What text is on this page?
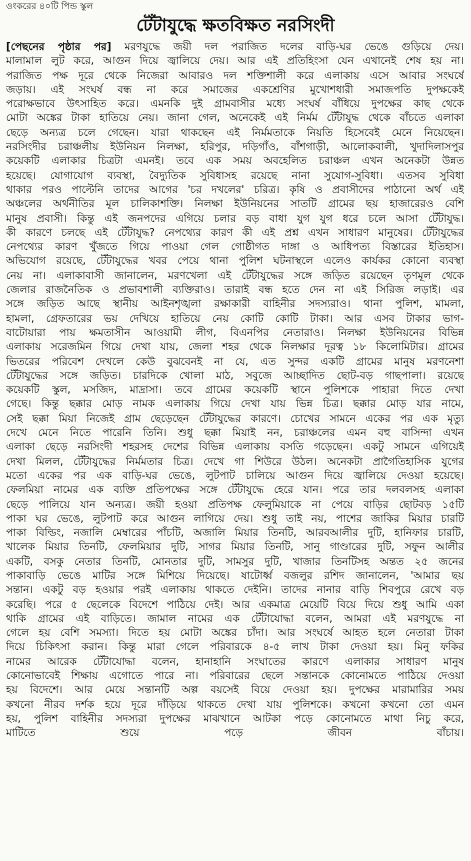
ওংকরের ৪০টি পিন্ড স্কুল
টেঁটাযুদ্ধে ক্ষতবিক্ষত নরসিংদী
[পেছনের পৃষ্ঠার পর] মরণযুদ্ধে জয়ী দল পরাজিত দলের বাড়ি-ঘর ভেঙে গুড়িয়ে দেয়।
মালামাল লুট করে, আগুন দিয়ে জ্বালিয়ে দেয়। আর এই প্রতিহিংসা যেন এখানেই শেষ হয় না।
পরাজিত পক্ষ দূরে থেকে নিজেরা আবারও দল শক্তিশালী করে এলাকায় এসে আবার সংঘর্ষে
জড়ায়। এই সংঘর্ষ বন্ধ না করে সমাজের একশ্রেণির মুখোশধারী সমাজপতি দুপক্ষকেই
পরোক্ষভাবে উৎসাহিত করে। এমনকি দুই গ্রামবাসীর মধ্যে সংঘর্ষ বাঁধিয়ে দুপক্ষের কাছ থেকে
মোটা অঙ্কের টাকা হাতিয়ে নেয়। জানা গেল, অনেকেই এই নির্মম টেঁটাযুদ্ধ থেকে বাঁচতে এলাকা
ছেড়ে অন্যত্র চলে গেছেন। যারা থাকছেন এই নির্মমতাকে নিয়তি হিসেবেই মেনে নিয়েছেন।
নরসিংদীর চরাঞ্চলীয় ইউনিয়ন নিলক্ষা, হরিপুর, দড়িগাঁও, বাঁশগাড়ী, আলোকবালী, খুদাদিলাসপুর
কয়েকটি এলাকার চিত্রটা এমনই। তবে এক সময় অবহেলিত চরাঞ্চল এখন অনেকটা উন্নত
হয়েছে। যোগাযোগ ব্যবস্থা, বৈদ্যুতিক সুবিধাসহ রয়েছে নানা সুযোগ-সুবিধা। এতসব সুবিধা
থাকার পরও পাল্টেনি তাদের আগের 'চর দখলের' চরিত্র। কৃষি ও প্রবাসীদের পাঠানো অর্থ এই
অঞ্চলের অর্থনীতির মূল চালিকাশক্তি। নিলক্ষা ইউনিয়নের সাতটি গ্রামের ছয় হাজারেরও বেশি
মানুষ প্রবাসী। কিন্তু এই জনপদের এগিয়ে চলার বড় বাধা যুগ যুগ ধরে চলে আসা টেঁটাযুদ্ধ।
কী কারণে চলছে এই টেঁটাযুদ্ধ? নেপথ্যের কারণ কী এই প্রশ্ন এখন সাধারণ মানুষের। টেঁটাযুদ্ধের
নেপথ্যের কারণ খুঁজতে গিয়ে পাওয়া গেল গোষ্ঠীগত দাঙ্গা ও আধিপত্য বিস্তারের ইতিহাস।
অভিযোগ রয়েছে, টেঁটাযুদ্ধের খবর পেয়ে থানা পুলিশ ঘটনাস্থলে এলেও কার্যকর কোনো ব্যবস্থা
নেয় না। এলাকাবাসী জানালেন, মরণখেলা এই টেঁটাযুদ্ধের সঙ্গে জড়িত রয়েছেন তৃণমূল থেকে
জেলার রাজনৈতিক ও প্রভাবশালী ব্যক্তিরাও। তারাই বন্ধ হতে দেন না এই সিরিজ লড়াই। এর
সঙ্গে জড়িত আছে স্থানীয় আইনশৃঙ্খলা রক্ষাকারী বাহিনীর সদস্যরাও। থানা পুলিশ, মামলা,
হামলা, গ্রেফতারের ভয় দেখিয়ে হাতিয়ে নেয় কোটি কোটি টাকা। আর এসব টাকার ভাগ-
বাটোয়ারা পায় ক্ষমতাসীন আওয়ামী লীগ, বিএনপির নেতারাও। নিলক্ষা ইউনিয়নের বিভিন্ন
এলাকায় সরেজমিন গিয়ে দেখা যায়, জেলা শহর থেকে নিলক্ষার দূরত্ব ১৮ কিলোমিটার। গ্রামের
ভিতরের পরিবেশ দেখলে কেউ বুঝবেনই না যে, এত সুন্দর একটি গ্রামের মানুষ মরণনেশা
টেঁটাযুদ্ধের সঙ্গে জড়িত। চারদিকে খোলা মাঠ, সবুজে আচ্ছাদিত ছোট-বড় গাছপালা। রয়েছে
কয়েকটি স্কুল, মসজিদ, মাদ্রাসা। তবে গ্রামের কয়েকটি স্থানে পুলিশকে পাহারা দিতে দেখা
গেছে। কিন্তু ছক্কার মোড় নামক এলাকায় গিয়ে দেখা যায় ভিন্ন চিত্র। ছক্কার মোড় যার নামে,
সেই ছক্কা মিয়া নিজেই গ্রাম ছেড়েছেন টেঁটাযুদ্ধের কারণে। চোখের সামনে একের পর এক মৃত্যু
দেখে মেনে নিতে পারেনি তিনি। শুধু ছক্কা মিয়াই নন, চরাঞ্চলের এমন বহু বাসিন্দা এখন
এলাকা ছেড়ে নরসিংদী শহরসহ দেশের বিভিন্ন এলাকায় বসতি গড়েছেন। একটু সামনে এগিয়েই
দেখা মিলল, টেঁটাযুদ্ধের নির্মমতার চিত্র। দেখে গা শিউরে উঠল। অনেকটা প্রাগৈতিহাসিক যুগের
মতো একের পর এক বাড়ি-ঘর ভেঙে, লুটপাট চালিয়ে আগুন দিয়ে জ্বালিয়ে দেওয়া হয়েছে।
ফেলমিয়া নামের এক ব্যক্তি প্রতিপক্ষের সঙ্গে টেঁটাযুদ্ধে হেরে যান। পরে তার দলবলসহ এলাকা
ছেড়ে পালিয়ে যান অন্যত্র। জয়ী হওয়া প্রতিপক্ষ ফেলুমিয়াকে না পেয়ে বাড়ির ছোটবড় ১৫টি
পাকা ঘর ভেঙে, লুটপাট করে আগুন লাগিয়ে দেয়। শুধু তাই নয়, পাশের জাকির মিয়ার চারটি
পাকা বিল্ডিং, নজালি মেম্বারের পাঁচটি, অজালি মিয়ার তিনটি, আরবআলীর দুটি, হানিফার চারটি,
খালেক মিয়ার তিনটি, ফেলমিয়ার দুটি, সাগর মিয়ার তিনটি, সানু গাণ্ডারের দুটি, সফুন আলীর
একটি, বসকু নেতার তিনটি, মোনতার দুটি, সামসুর দুটি, খাজার তিনটিসহ অন্তত ২৫ জনের
পাকাবাড়ি ভেঙে মাটির সঙ্গে মিশিয়ে দিয়েছে। ষাটোর্ধ্ব বজলুর রশিদ জানালেন, 'আমার ছয়
সন্তান। একটু বড় হওয়ার পরই এলাকায় থাকতে দেইনি। তাদের নানার বাড়ি শিবপুরে রেখে বড়
করেছি। পরে ৫ ছেলেকে বিদেশে পাঠিয়ে দেই। আর একমাত্র মেয়েটি বিয়ে দিয়ে শুধু আমি একা
থাকি গ্রামের এই বাড়িতে। জামাল নামের এক টেঁটাযোদ্ধা বলেন, আমরা এই মরণযুদ্ধে না
গেলে হয় বেশি সমস্যা। দিতে হয় মোটা অঙ্কের চাঁদা। আর সংঘর্ষে আহত হলে নেতারা টাকা
দিয়ে চিকিৎসা করান। কিন্তু মারা গেলে পরিবারকে ৪-৫ লাখ টাকা দেওয়া হয়। মিনু ফকির
নামের আরেক টেঁটাযোদ্ধা বলেন, হানাহানি সংঘাতের কারণে এলাকার সাধারণ মানুষ
কোনোভাবেই শিক্ষায় এগোতে পারে না। পরিবারের ছেলে সন্তানকে কোনোমতে পাঠিয়ে দেওয়া
হয় বিদেশে। আর মেয়ে সন্তানটি অল্প বয়সেই বিয়ে দেওয়া হয়। দুপক্ষের মারামারির সময়
কখনো নীরব দর্শক হয়ে দূরে দাঁড়িয়ে থাকতে দেখা যায় পুলিশকে। কখনো কখনো তো এমন
হয়, পুলিশ বাহিনীর সদস্যরা দুপক্ষের মাঝখানে আটকা পড়ে কোনোমতে মাথা নিচু করে,
মাটিতে শুয়ে পড়ে জীবন বাঁচায়।
